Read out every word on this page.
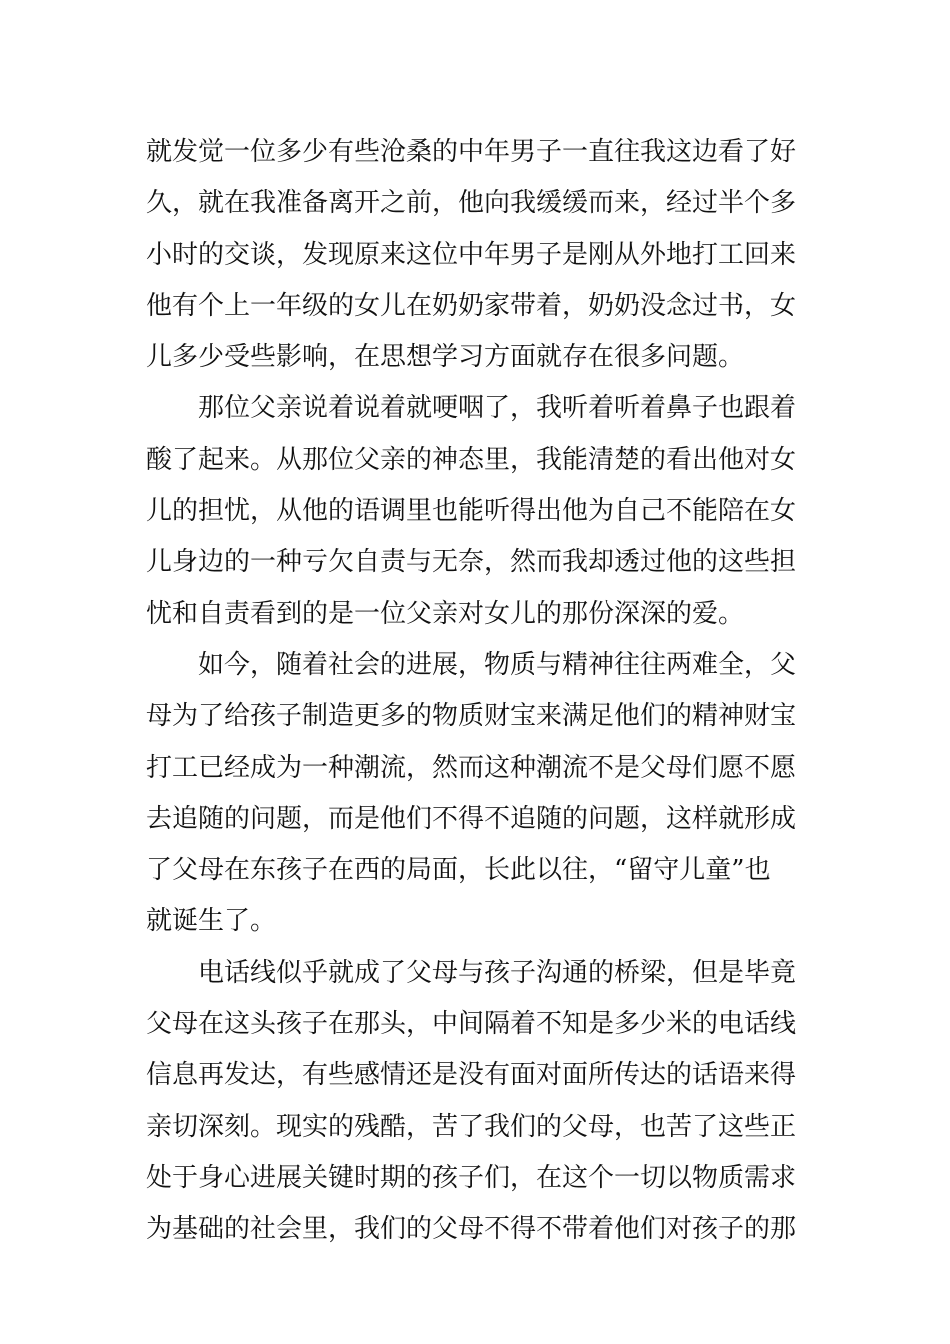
就发觉一位多少有些沧桑的中年男子一直往我这边看了好
久，就在我准备离开之前，他向我缓缓而来，经过半个多
小时的交谈，发现原来这位中年男子是刚从外地打工回来
他有个上一年级的女儿在奶奶家带着，奶奶没念过书，女
儿多少受些影响，在思想学习方面就存在很多问题。
那位父亲说着说着就哽咽了，我听着听着鼻子也跟着
酸了起来。从那位父亲的神态里，我能清楚的看出他对女
儿的担忧，从他的语调里也能听得出他为自己不能陪在女
儿身边的一种亏欠自责与无奈，然而我却透过他的这些担
忧和自责看到的是一位父亲对女儿的那份深深的爱。
如今，随着社会的进展，物质与精神往往两难全，父
母为了给孩子制造更多的物质财宝来满足他们的精神财宝
打工已经成为一种潮流，然而这种潮流不是父母们愿不愿
去追随的问题，而是他们不得不追随的问题，这样就形成
了父母在东孩子在西的局面，长此以往，“留守儿童”也
就诞生了。
电话线似乎就成了父母与孩子沟通的桥梁，但是毕竟
父母在这头孩子在那头，中间隔着不知是多少米的电话线
信息再发达，有些感情还是没有面对面所传达的话语来得
亲切深刻。现实的残酷，苦了我们的父母，也苦了这些正
处于身心进展关键时期的孩子们，在这个一切以物质需求
为基础的社会里，我们的父母不得不带着他们对孩子的那
